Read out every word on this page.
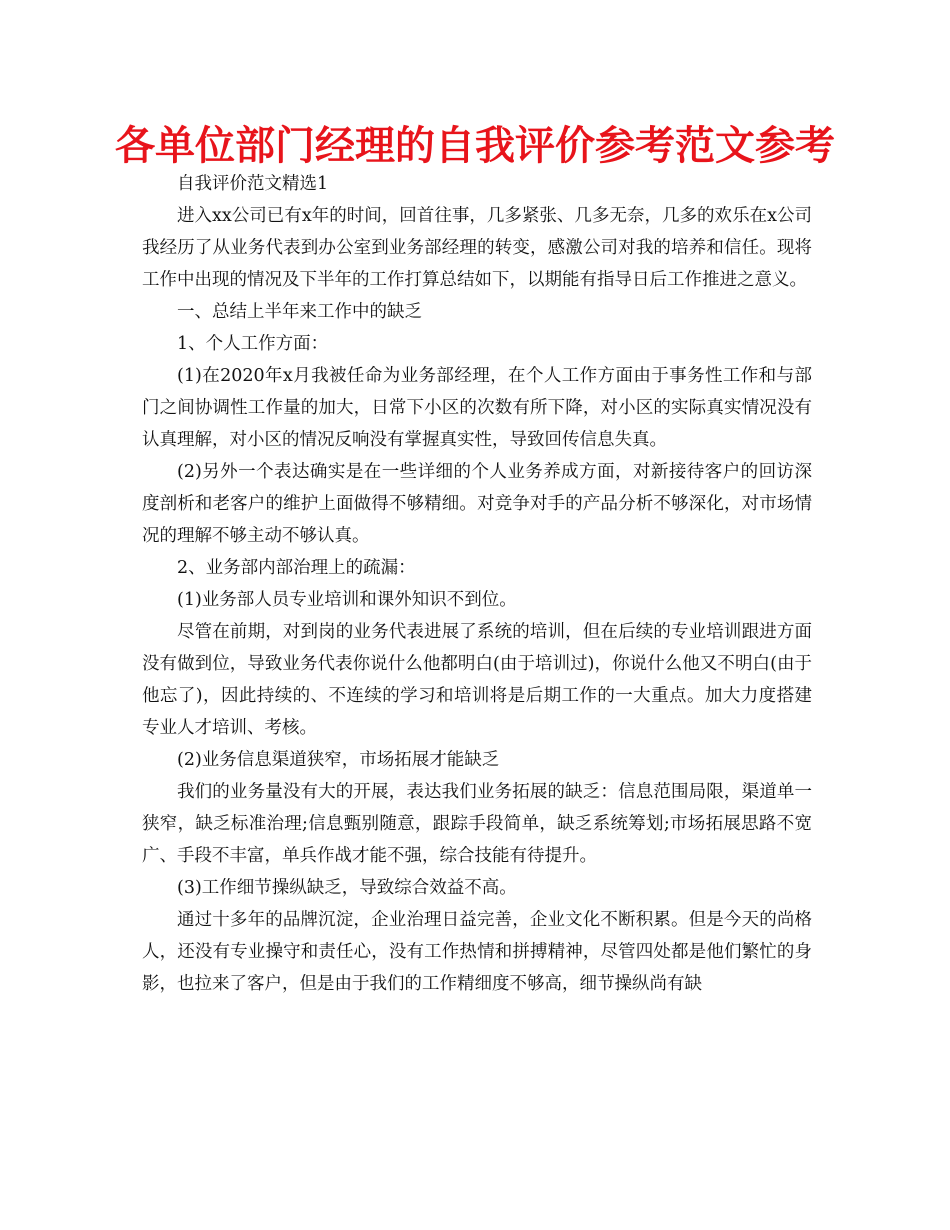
各单位部门经理的自我评价参考范文参考

自我评价范文精选1

进入xx公司已有x年的时间，回首往事，几多紧张、几多无奈，几多的欢乐在x公司我经历了从业务代表到办公室到业务部经理的转变，感激公司对我的培养和信任。现将工作中出现的情况及下半年的工作打算总结如下，以期能有指导日后工作推进之意义。

一、总结上半年来工作中的缺乏

1、个人工作方面：

(1)在2020年x月我被任命为业务部经理，在个人工作方面由于事务性工作和与部门之间协调性工作量的加大，日常下小区的次数有所下降，对小区的实际真实情况没有认真理解，对小区的情况反响没有掌握真实性，导致回传信息失真。

(2)另外一个表达确实是在一些详细的个人业务养成方面，对新接待客户的回访深度剖析和老客户的维护上面做得不够精细。对竞争对手的产品分析不够深化，对市场情况的理解不够主动不够认真。

2、业务部内部治理上的疏漏：

(1)业务部人员专业培训和课外知识不到位。

尽管在前期，对到岗的业务代表进展了系统的培训，但在后续的专业培训跟进方面没有做到位，导致业务代表你说什么他都明白(由于培训过)，你说什么他又不明白(由于他忘了)，因此持续的、不连续的学习和培训将是后期工作的一大重点。加大力度搭建专业人才培训、考核。

(2)业务信息渠道狭窄，市场拓展才能缺乏

我们的业务量没有大的开展，表达我们业务拓展的缺乏：信息范围局限，渠道单一狭窄，缺乏标准治理;信息甄别随意，跟踪手段简单，缺乏系统筹划;市场拓展思路不宽广、手段不丰富，单兵作战才能不强，综合技能有待提升。

(3)工作细节操纵缺乏，导致综合效益不高。

通过十多年的品牌沉淀，企业治理日益完善，企业文化不断积累。但是今天的尚格人，还没有专业操守和责任心，没有工作热情和拼搏精神，尽管四处都是他们繁忙的身影，也拉来了客户，但是由于我们的工作精细度不够高，细节操纵尚有缺
